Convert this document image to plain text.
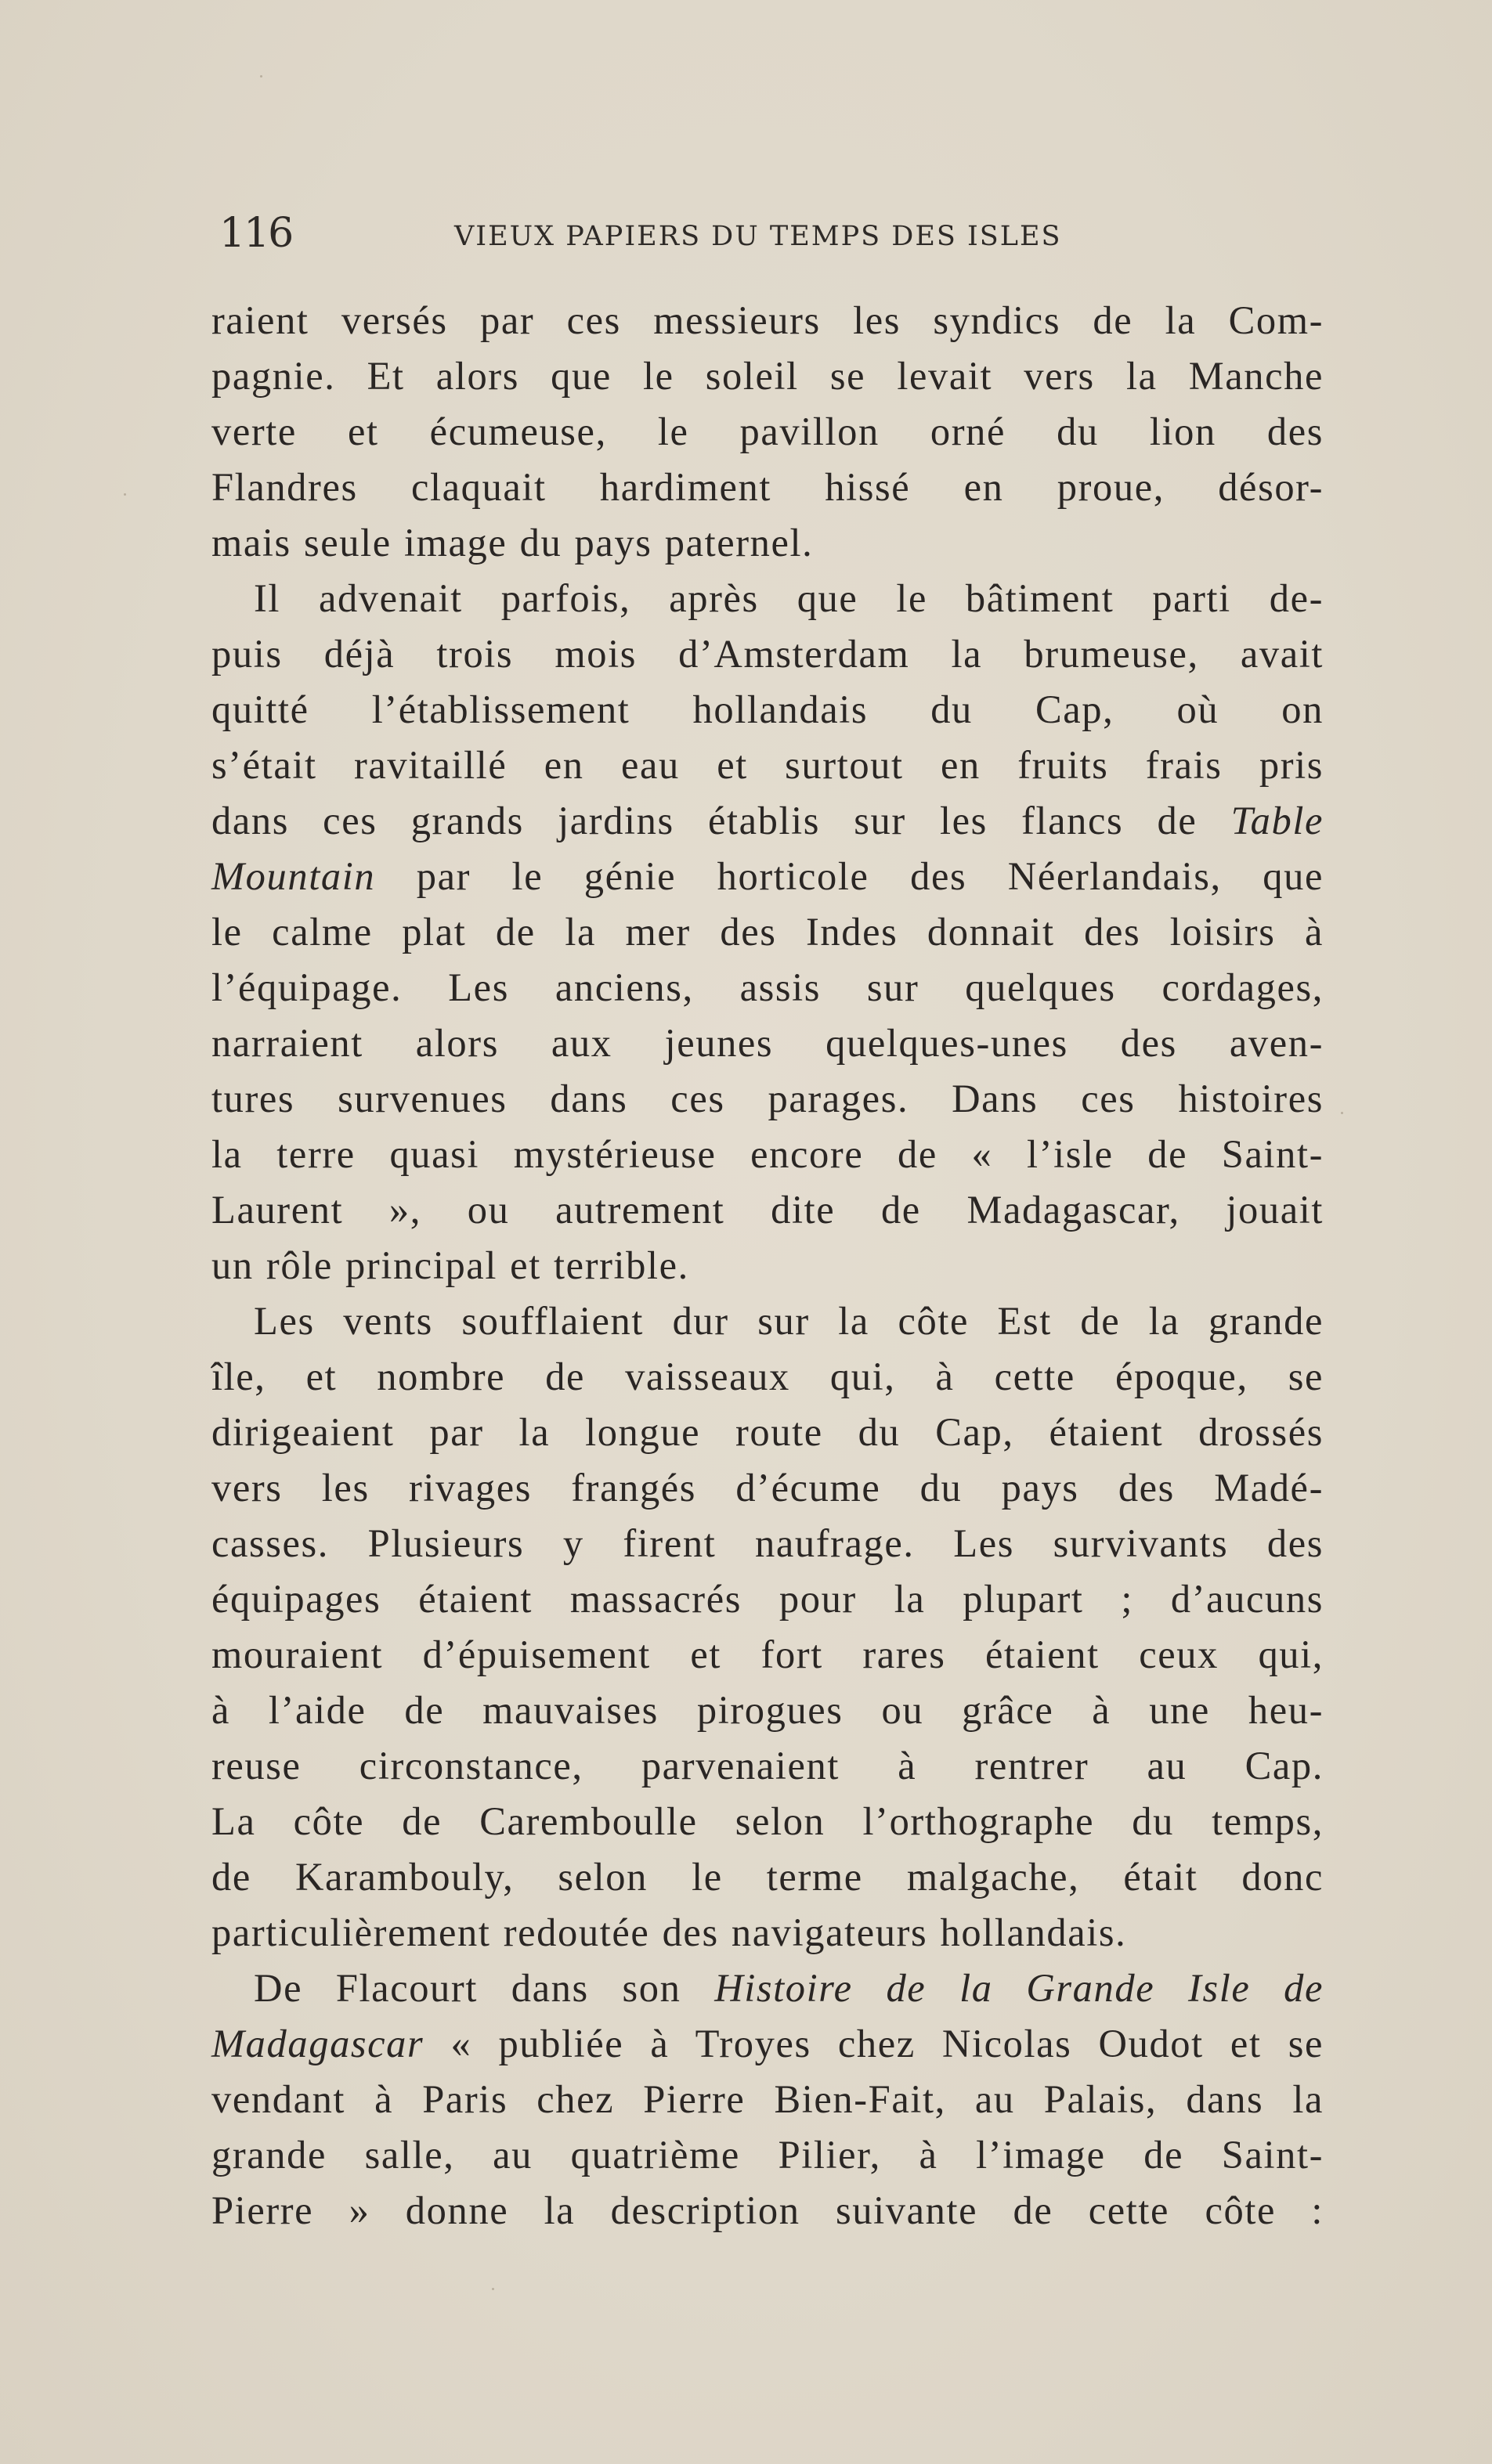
116	VIEUX PAPIERS DU TEMPS DES ISLES
raient versés par ces messieurs les syndics de la Com-
pagnie. Et alors que le soleil se levait vers la Manche
verte et écumeuse, le pavillon orné du lion des
Flandres claquait hardiment hissé en proue, désor-
mais seule image du pays paternel.
Il advenait parfois, après que le bâtiment parti de-
puis déjà trois mois d’Amsterdam la brumeuse, avait
quitté l’établissement hollandais du Cap, où on
s’était ravitaillé en eau et surtout en fruits frais pris
dans ces grands jardins établis sur les flancs de Table
Mountain par le génie horticole des Néerlandais, que
le calme plat de la mer des Indes donnait des loisirs à
l’équipage. Les anciens, assis sur quelques cordages,
narraient alors aux jeunes quelques-unes des aven-
tures survenues dans ces parages. Dans ces histoires
la terre quasi mystérieuse encore de « l’isle de Saint-
Laurent », ou autrement dite de Madagascar, jouait
un rôle principal et terrible.
Les vents soufflaient dur sur la côte Est de la grande
île, et nombre de vaisseaux qui, à cette époque, se
dirigeaient par la longue route du Cap, étaient drossés
vers les rivages frangés d’écume du pays des Madé-
casses. Plusieurs y firent naufrage. Les survivants des
équipages étaient massacrés pour la plupart ; d’aucuns
mouraient d’épuisement et fort rares étaient ceux qui,
à l’aide de mauvaises pirogues ou grâce à une heu-
reuse circonstance, parvenaient à rentrer au Cap.
La côte de Caremboulle selon l’orthographe du temps,
de Karambouly, selon le terme malgache, était donc
particulièrement redoutée des navigateurs hollandais.
De Flacourt dans son Histoire de la Grande Isle de
Madagascar « publiée à Troyes chez Nicolas Oudot et se
vendant à Paris chez Pierre Bien-Fait, au Palais, dans la
grande salle, au quatrième Pilier, à l’image de Saint-
Pierre » donne la description suivante de cette côte :
